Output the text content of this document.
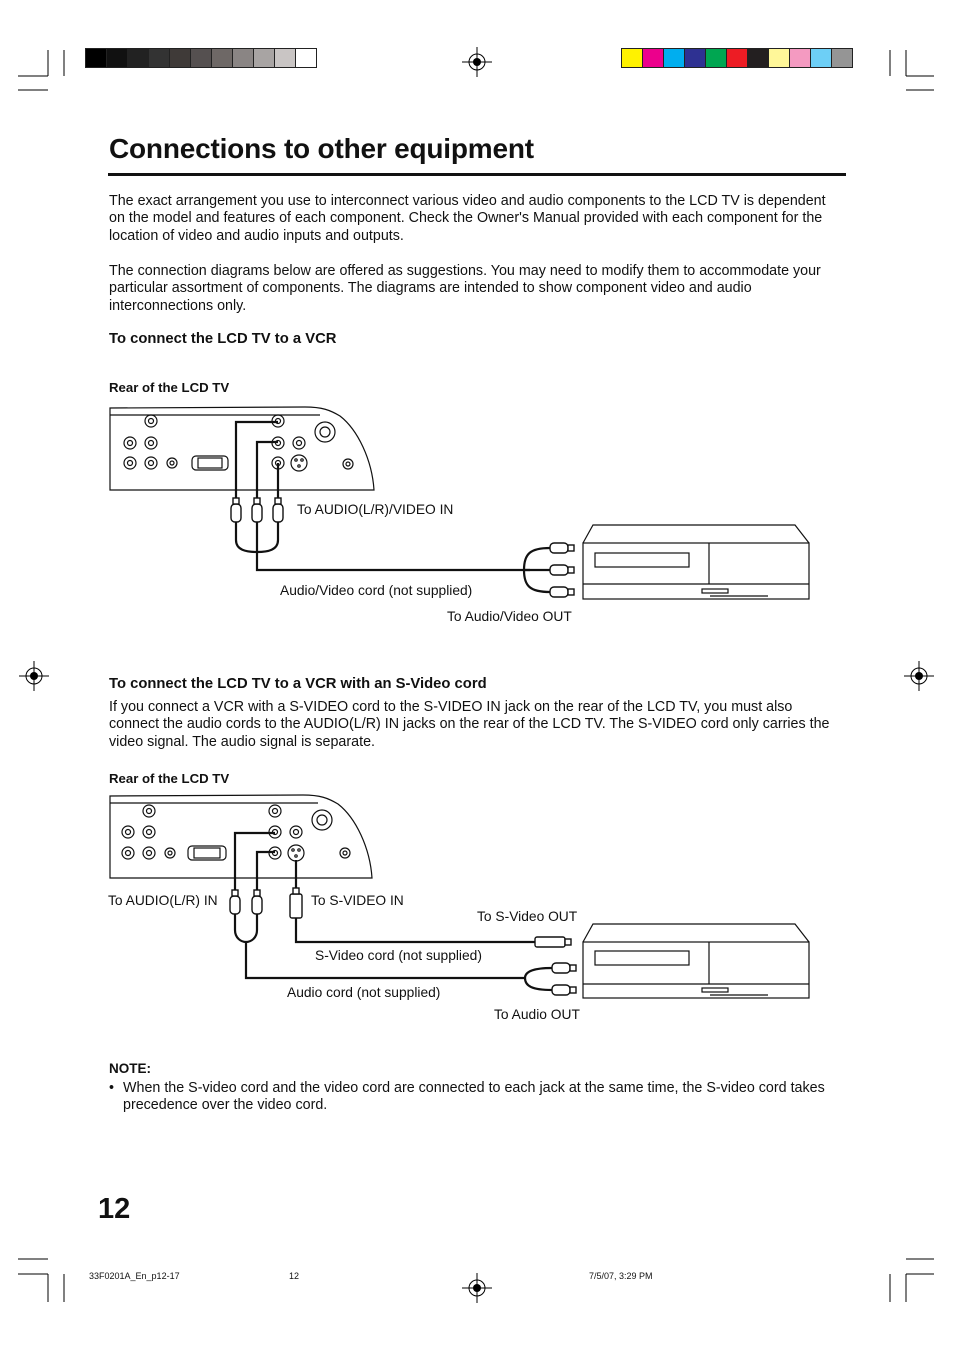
Connections to other equipment
The exact arrangement you use to interconnect various video and audio components to the LCD TV is dependent on the model and features of each component. Check the Owner's Manual provided with each component for the location of video and audio inputs and outputs.
The connection diagrams below are offered as suggestions. You may need to modify them to accommodate your particular assortment of components. The diagrams are intended to show component video and audio interconnections only.
To connect the LCD TV to a VCR
Rear of the LCD TV
To AUDIO(L/R)/VIDEO IN
Audio/Video cord (not supplied)
To Audio/Video OUT
To connect the LCD TV to a VCR with an S-Video cord
If you connect a VCR with a S-VIDEO cord to the S-VIDEO IN jack on the rear of the LCD TV, you must also connect the audio cords to the AUDIO(L/R) IN jacks on the rear of the LCD TV. The S-VIDEO cord only carries the video signal. The audio signal is separate.
Rear of the LCD TV
To AUDIO(L/R) IN	To S-VIDEO IN
To S-Video OUT
S-Video cord (not supplied)
Audio cord (not supplied)
To Audio OUT
NOTE:
• When the S-video cord and the video cord are connected to each jack at the same time, the S-video cord takes precedence over the video cord.
12
33F0201A_En_p12-17	12	7/5/07, 3:29 PM
